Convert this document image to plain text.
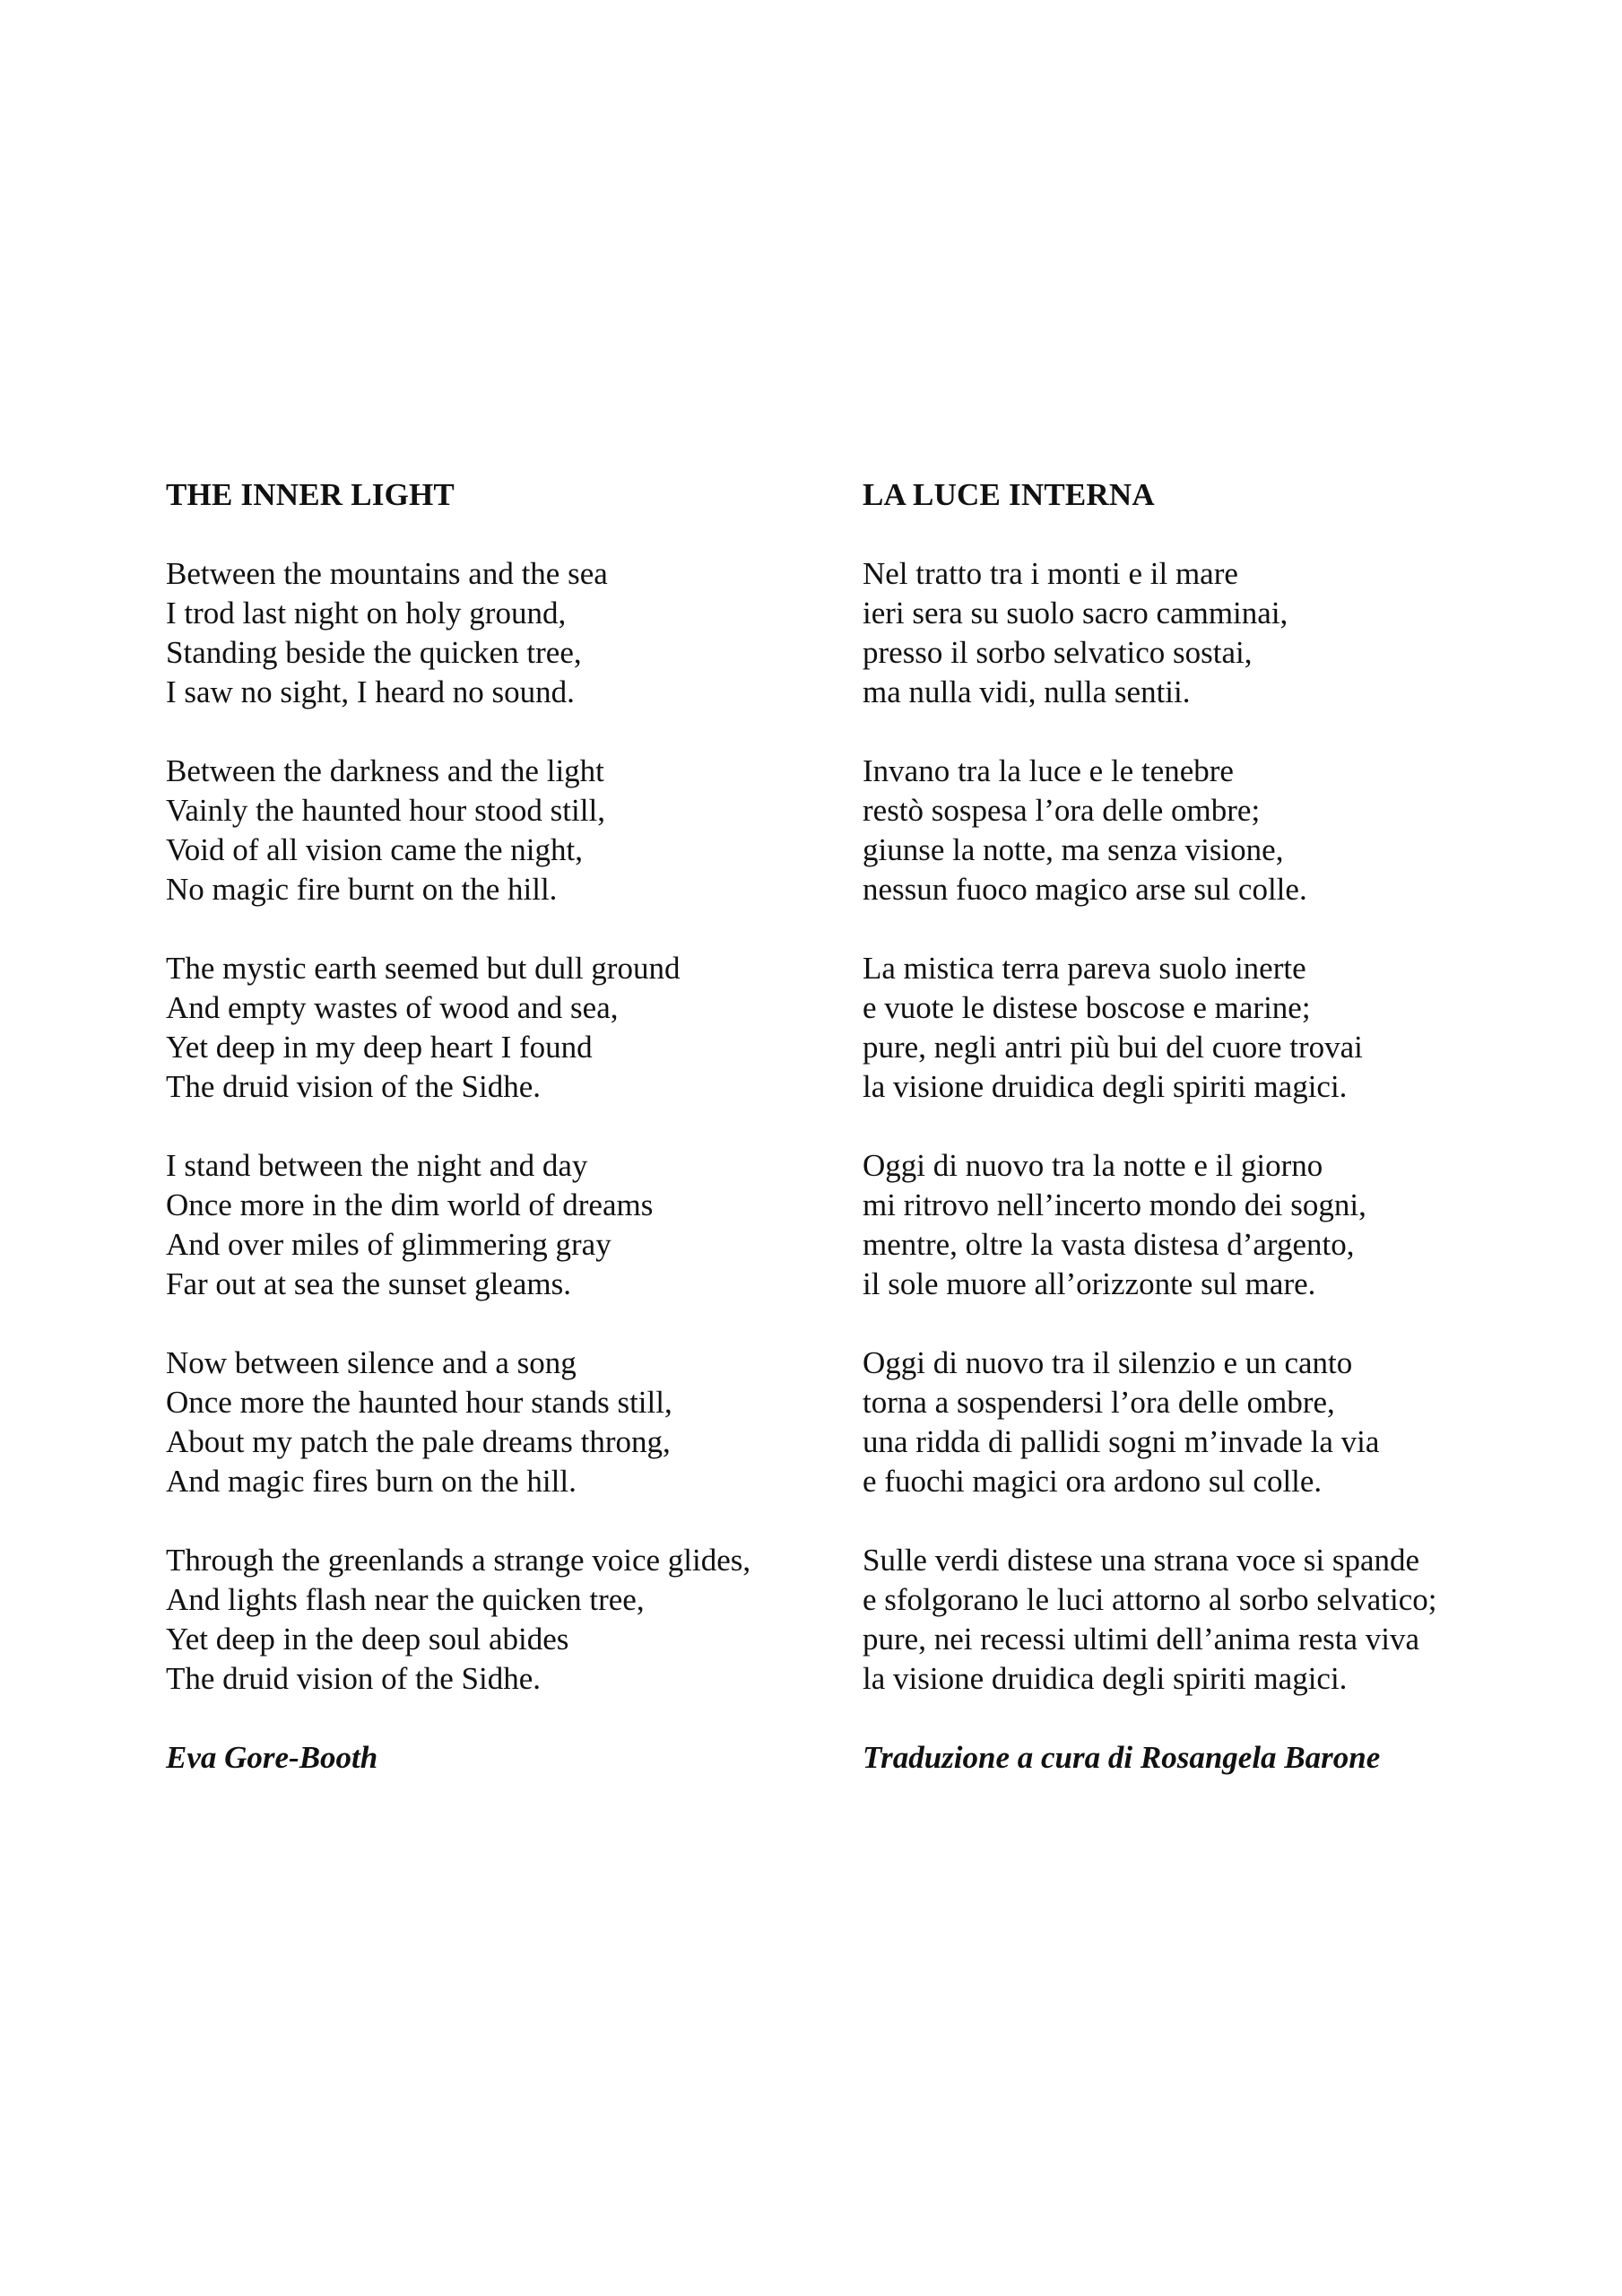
THE INNER LIGHT
Between the mountains and the sea
I trod last night on holy ground,
Standing beside the quicken tree,
I saw no sight, I heard no sound.
Between the darkness and the light
Vainly the haunted hour stood still,
Void of all vision came the night,
No magic fire burnt on the hill.
The mystic earth seemed but dull ground
And empty wastes of wood and sea,
Yet deep in my deep heart I found
The druid vision of the Sidhe.
I stand between the night and day
Once more in the dim world of dreams
And over miles of glimmering gray
Far out at sea the sunset gleams.
Now between silence and a song
Once more the haunted hour stands still,
About my patch the pale dreams throng,
And magic fires burn on the hill.
Through the greenlands a strange voice glides,
And lights flash near the quicken tree,
Yet deep in the deep soul abides
The druid vision of the Sidhe.

Eva Gore-Booth

LA LUCE INTERNA
Nel tratto tra i monti e il mare
ieri sera su suolo sacro camminai,
presso il sorbo selvatico sostai,
ma nulla vidi, nulla sentii.
Invano tra la luce e le tenebre
restò sospesa l’ora delle ombre;
giunse la notte, ma senza visione,
nessun fuoco magico arse sul colle.
La mistica terra pareva suolo inerte
e vuote le distese boscose e marine;
pure, negli antri più bui del cuore trovai
la visione druidica degli spiriti magici.
Oggi di nuovo tra la notte e il giorno
mi ritrovo nell’incerto mondo dei sogni,
mentre, oltre la vasta distesa d’argento,
il sole muore all’orizzonte sul mare.
Oggi di nuovo tra il silenzio e un canto
torna a sospendersi l’ora delle ombre,
una ridda di pallidi sogni m’invade la via
e fuochi magici ora ardono sul colle.
Sulle verdi distese una strana voce si spande
e sfolgorano le luci attorno al sorbo selvatico;
pure, nei recessi ultimi dell’anima resta viva
la visione druidica degli spiriti magici.

Traduzione a cura di Rosangela Barone
